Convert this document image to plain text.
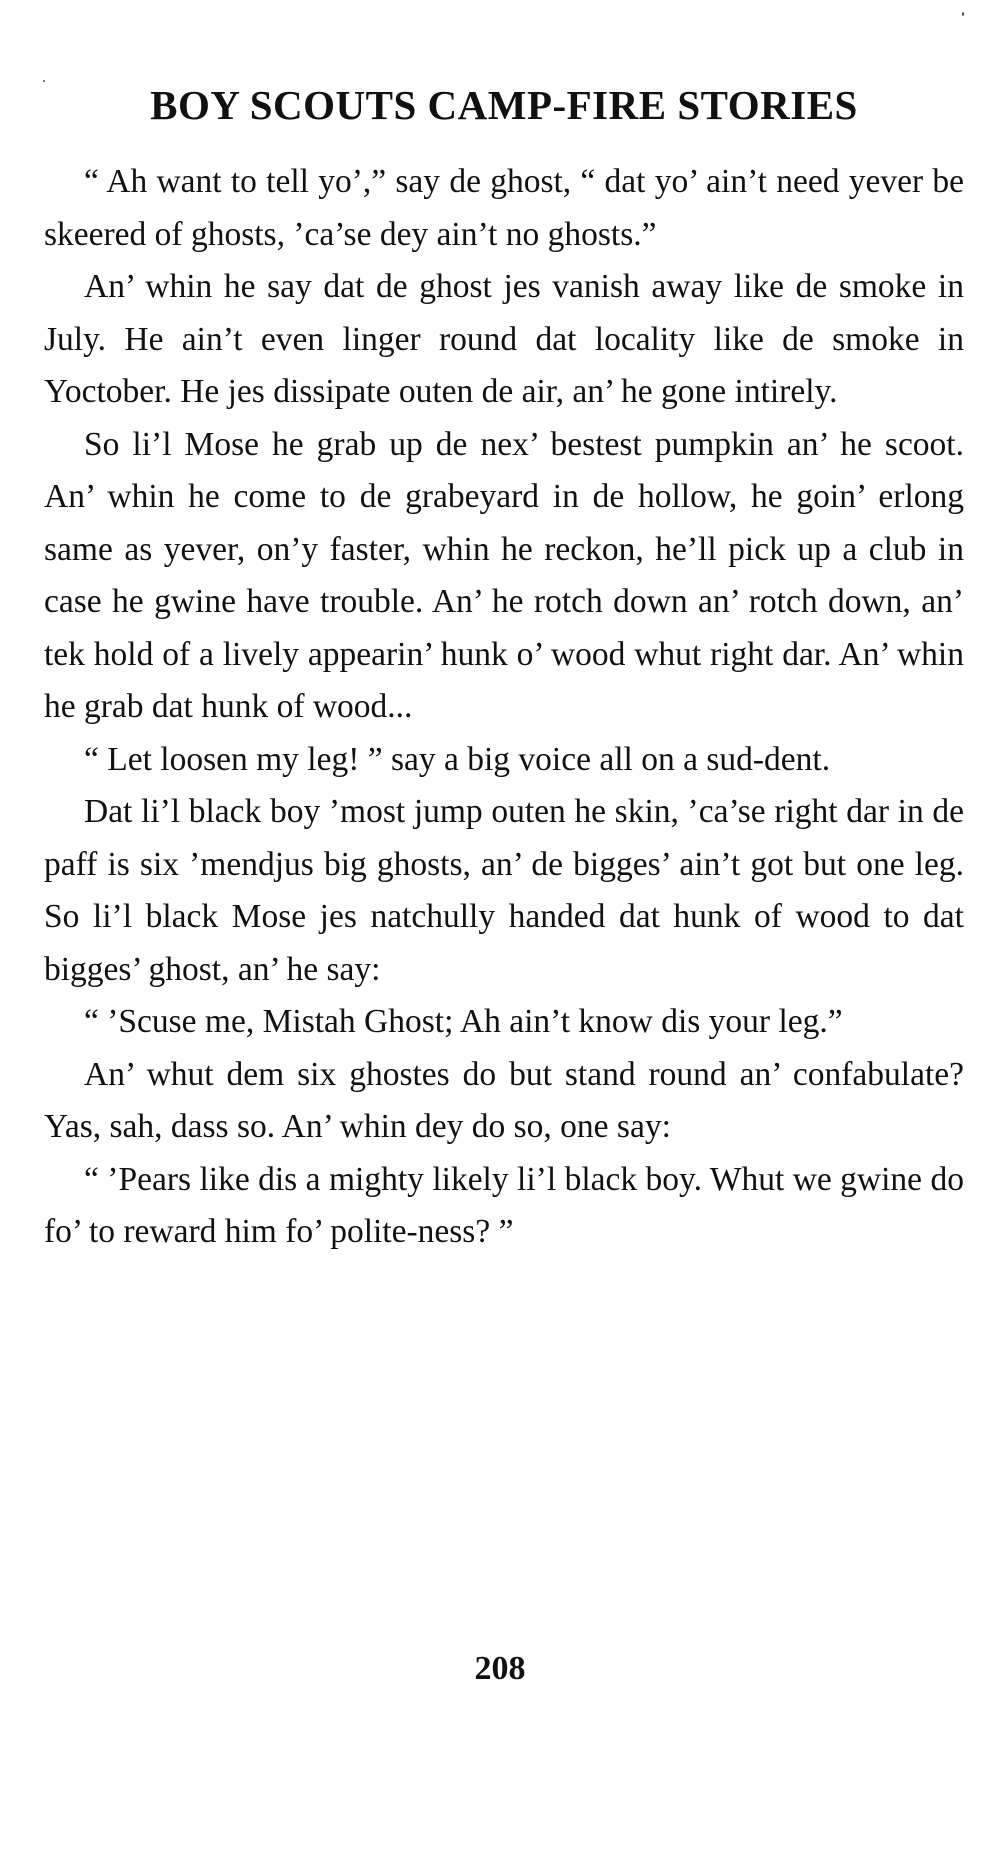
BOY SCOUTS CAMP-FIRE STORIES

“ Ah want to tell yo’,” say de ghost, “ dat yo’ ain’t need yever be skeered of ghosts, ’ca’se dey ain’t no ghosts.”

An’ whin he say dat de ghost jes vanish away like de smoke in July. He ain’t even linger round dat locality like de smoke in Yoctober. He jes dissipate outen de air, an’ he gone intirely.

So li’l Mose he grab up de nex’ bestest pumpkin an’ he scoot. An’ whin he come to de grabeyard in de hollow, he goin’ erlong same as yever, on’y faster, whin he reckon, he’ll pick up a club in case he gwine have trouble. An’ he rotch down an’ rotch down, an’ tek hold of a lively appearin’ hunk o’ wood whut right dar. An’ whin he grab dat hunk of wood...

“ Let loosen my leg! ” say a big voice all on a sud-dent.

Dat li’l black boy ’most jump outen he skin, ’ca’se right dar in de paff is six ’mendjus big ghosts, an’ de bigges’ ain’t got but one leg. So li’l black Mose jes natchully handed dat hunk of wood to dat bigges’ ghost, an’ he say:

“ ’Scuse me, Mistah Ghost; Ah ain’t know dis your leg.”

An’ whut dem six ghostes do but stand round an’ confabulate? Yas, sah, dass so. An’ whin dey do so, one say:

“ ’Pears like dis a mighty likely li’l black boy. Whut we gwine do fo’ to reward him fo’ polite-ness? ”

208
